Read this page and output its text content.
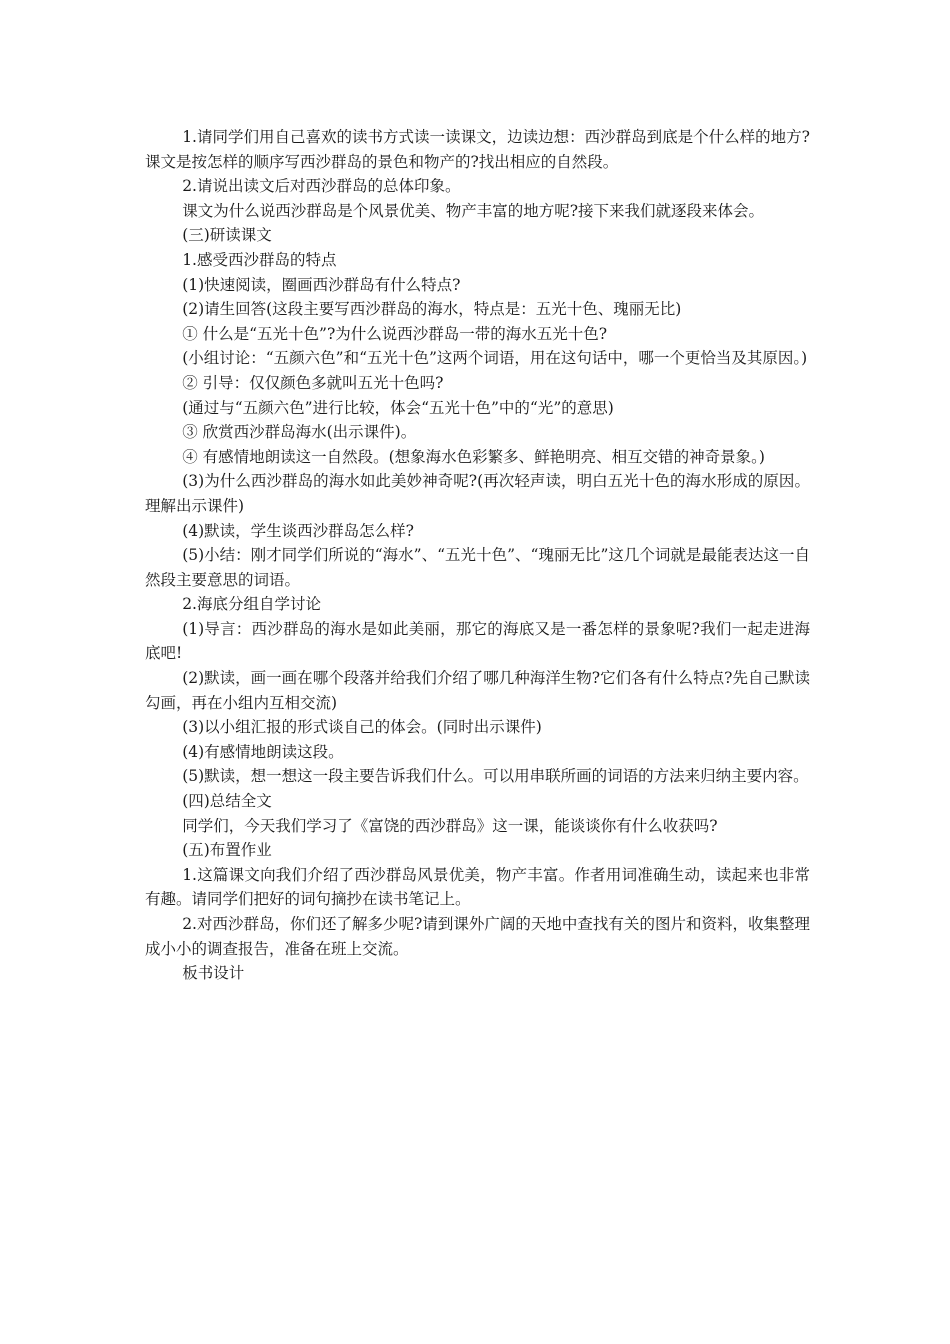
1.请同学们用自己喜欢的读书方式读一读课文，边读边想：西沙群岛到底是个什么样的地方?课文是按怎样的顺序写西沙群岛的景色和物产的?找出相应的自然段。

2.请说出读文后对西沙群岛的总体印象。

课文为什么说西沙群岛是个风景优美、物产丰富的地方呢?接下来我们就逐段来体会。

(三)研读课文

1.感受西沙群岛的特点

(1)快速阅读，圈画西沙群岛有什么特点?

(2)请生回答(这段主要写西沙群岛的海水，特点是：五光十色、瑰丽无比)

① 什么是“五光十色”?为什么说西沙群岛一带的海水五光十色?

(小组讨论：“五颜六色”和“五光十色”这两个词语，用在这句话中，哪一个更恰当及其原因。)

② 引导：仅仅颜色多就叫五光十色吗?

(通过与“五颜六色”进行比较，体会“五光十色”中的“光”的意思)

③ 欣赏西沙群岛海水(出示课件)。

④ 有感情地朗读这一自然段。(想象海水色彩繁多、鲜艳明亮、相互交错的神奇景象。)

(3)为什么西沙群岛的海水如此美妙神奇呢?(再次轻声读，明白五光十色的海水形成的原因。理解出示课件)

(4)默读，学生谈西沙群岛怎么样?

(5)小结：刚才同学们所说的“海水”、“五光十色”、“瑰丽无比”这几个词就是最能表达这一自然段主要意思的词语。

2.海底分组自学讨论

(1)导言：西沙群岛的海水是如此美丽，那它的海底又是一番怎样的景象呢?我们一起走进海底吧!

(2)默读，画一画在哪个段落并给我们介绍了哪几种海洋生物?它们各有什么特点?先自己默读勾画，再在小组内互相交流)

(3)以小组汇报的形式谈自己的体会。(同时出示课件)

(4)有感情地朗读这段。

(5)默读，想一想这一段主要告诉我们什么。可以用串联所画的词语的方法来归纳主要内容。

(四)总结全文

同学们，今天我们学习了《富饶的西沙群岛》这一课，能谈谈你有什么收获吗?

(五)布置作业

1.这篇课文向我们介绍了西沙群岛风景优美，物产丰富。作者用词准确生动，读起来也非常有趣。请同学们把好的词句摘抄在读书笔记上。

2.对西沙群岛，你们还了解多少呢?请到课外广阔的天地中查找有关的图片和资料，收集整理成小小的调查报告，准备在班上交流。

板书设计
